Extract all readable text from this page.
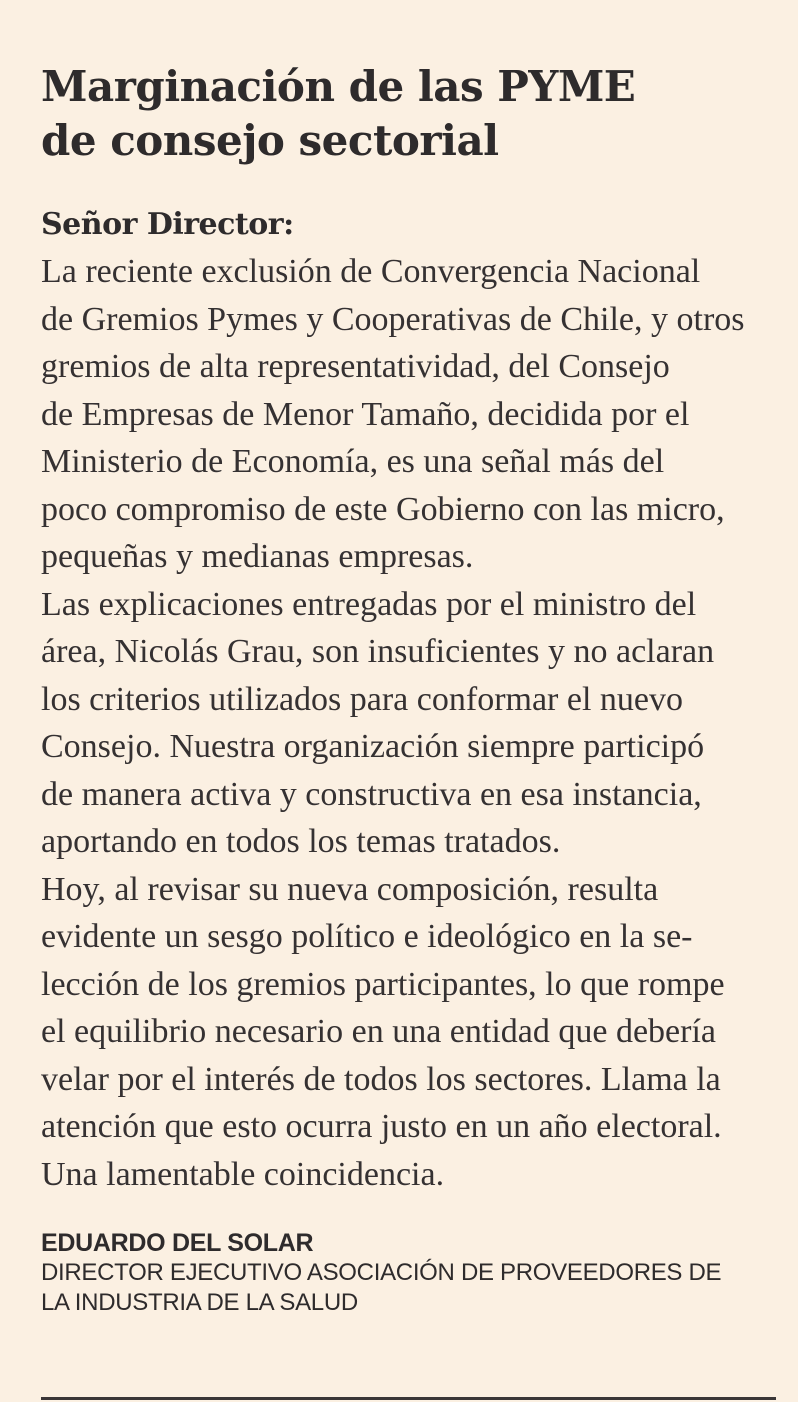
Marginación de las PYME
de consejo sectorial
Señor Director:
La reciente exclusión de Convergencia Nacional
de Gremios Pymes y Cooperativas de Chile, y otros
gremios de alta representatividad, del Consejo
de Empresas de Menor Tamaño, decidida por el
Ministerio de Economía, es una señal más del
poco compromiso de este Gobierno con las micro,
pequeñas y medianas empresas.
Las explicaciones entregadas por el ministro del
área, Nicolás Grau, son insuficientes y no aclaran
los criterios utilizados para conformar el nuevo
Consejo. Nuestra organización siempre participó
de manera activa y constructiva en esa instancia,
aportando en todos los temas tratados.
Hoy, al revisar su nueva composición, resulta
evidente un sesgo político e ideológico en la se-
lección de los gremios participantes, lo que rompe
el equilibrio necesario en una entidad que debería
velar por el interés de todos los sectores. Llama la
atención que esto ocurra justo en un año electoral.
Una lamentable coincidencia.
EDUARDO DEL SOLAR
DIRECTOR EJECUTIVO ASOCIACIÓN DE PROVEEDORES DE
LA INDUSTRIA DE LA SALUD
